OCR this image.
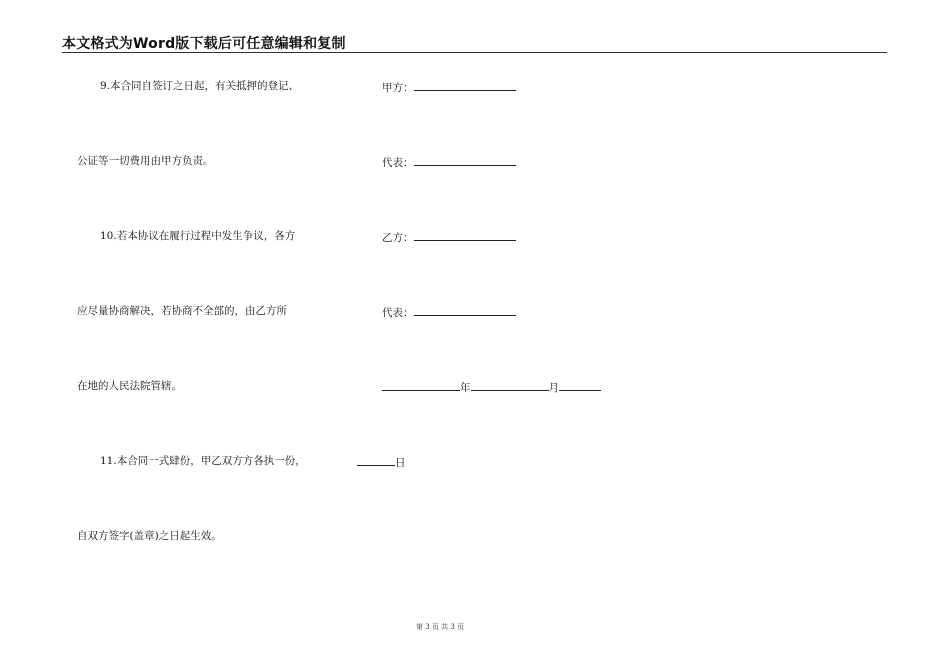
本文格式为Word版下载后可任意编辑和复制
9.本合同自签订之日起，有关抵押的登记、
公证等一切费用由甲方负责。
10.若本协议在履行过程中发生争议，各方
应尽量协商解决，若协商不全部的，由乙方所
在地的人民法院管辖。
11.本合同一式肆份，甲乙双方方各执一份，
自双方签字(盖章)之日起生效。
甲方：
代表：
乙方：
代表：
年	月
日
第 3 页 共 3 页
